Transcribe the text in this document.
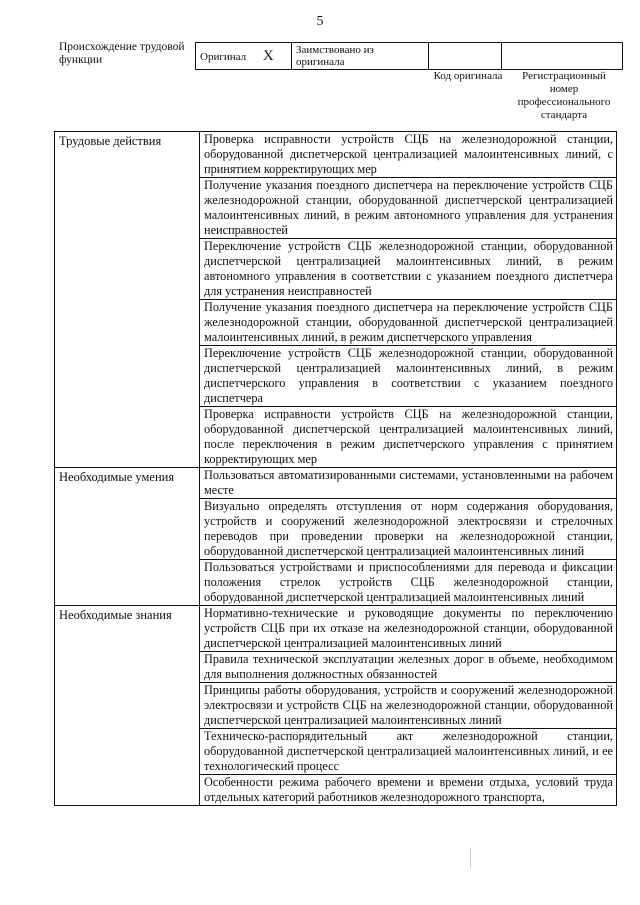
5
Происхождение трудовой функции	Оригинал X	Заимствовано из оригинала		
Код оригинала	Регистрационный номер профессионального стандарта
Трудовые действия	Проверка исправности устройств СЦБ на железнодорожной станции, оборудованной диспетчерской централизацией малоинтенсивных линий, с принятием корректирующих мер
	Получение указания поездного диспетчера на переключение устройств СЦБ железнодорожной станции, оборудованной диспетчерской централизацией малоинтенсивных линий, в режим автономного управления для устранения неисправностей
	Переключение устройств СЦБ железнодорожной станции, оборудованной диспетчерской централизацией малоинтенсивных линий, в режим автономного управления в соответствии с указанием поездного диспетчера для устранения неисправностей
	Получение указания поездного диспетчера на переключение устройств СЦБ железнодорожной станции, оборудованной диспетчерской централизацией малоинтенсивных линий, в режим диспетчерского управления
	Переключение устройств СЦБ железнодорожной станции, оборудованной диспетчерской централизацией малоинтенсивных линий, в режим диспетчерского управления в соответствии с указанием поездного диспетчера
	Проверка исправности устройств СЦБ на железнодорожной станции, оборудованной диспетчерской централизацией малоинтенсивных линий, после переключения в режим диспетчерского управления с принятием корректирующих мер
Необходимые умения	Пользоваться автоматизированными системами, установленными на рабочем месте
	Визуально определять отступления от норм содержания оборудования, устройств и сооружений железнодорожной электросвязи и стрелочных переводов при проведении проверки на железнодорожной станции, оборудованной диспетчерской централизацией малоинтенсивных линий
	Пользоваться устройствами и приспособлениями для перевода и фиксации положения стрелок устройств СЦБ железнодорожной станции, оборудованной диспетчерской централизацией малоинтенсивных линий
Необходимые знания	Нормативно-технические и руководящие документы по переключению устройств СЦБ при их отказе на железнодорожной станции, оборудованной диспетчерской централизацией малоинтенсивных линий
	Правила технической эксплуатации железных дорог в объеме, необходимом для выполнения должностных обязанностей
	Принципы работы оборудования, устройств и сооружений железнодорожной электросвязи и устройств СЦБ на железнодорожной станции, оборудованной диспетчерской централизацией малоинтенсивных линий
	Техническо-распорядительный акт железнодорожной станции, оборудованной диспетчерской централизацией малоинтенсивных линий, и ее технологический процесс
	Особенности режима рабочего времени и времени отдыха, условий труда отдельных категорий работников железнодорожного транспорта,
